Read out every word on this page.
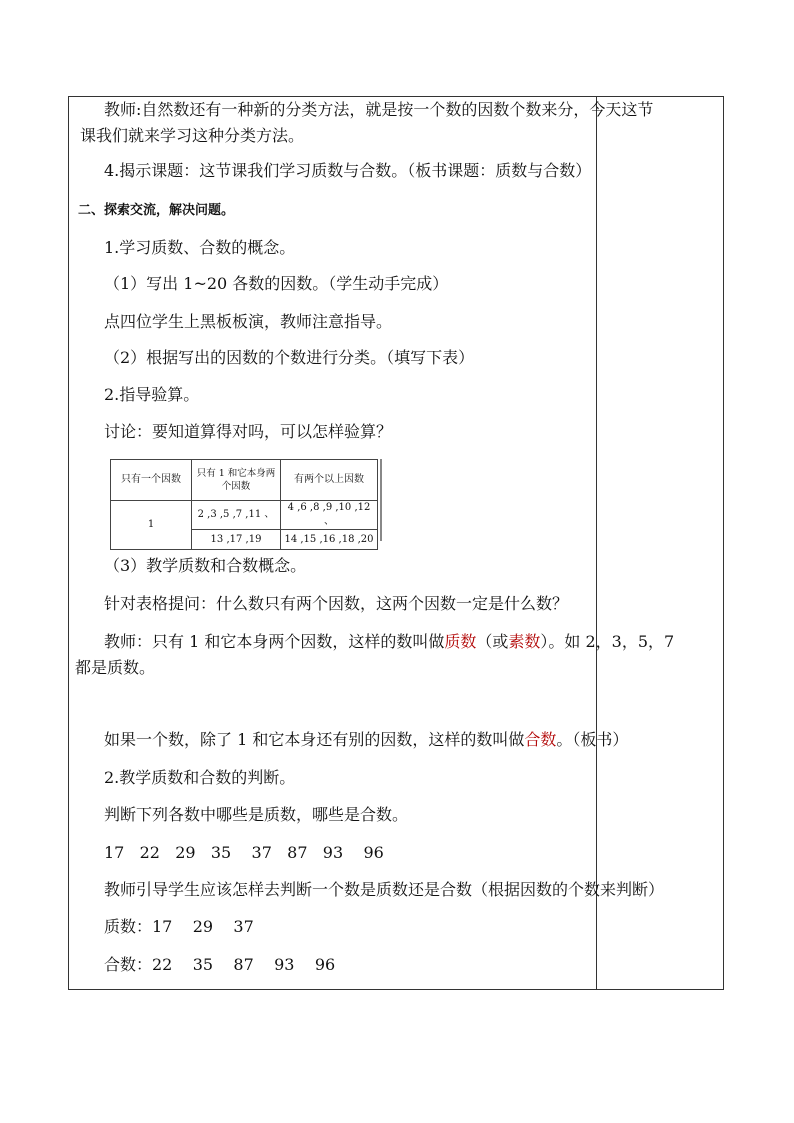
教师:自然数还有一种新的分类方法，就是按一个数的因数个数来分，今天这节
课我们就来学习这种分类方法。
4.揭示课题：这节课我们学习质数与合数。（板书课题：质数与合数）
二、探索交流，解决问题。
1.学习质数、合数的概念。
（1）写出 1~20 各数的因数。（学生动手完成）
点四位学生上黑板板演，教师注意指导。
（2）根据写出的因数的个数进行分类。（填写下表）
2.指导验算。
讨论：要知道算得对吗，可以怎样验算？
只有一个因数	只有 1 和它本身两个因数	有两个以上因数
1	2 ,3 ,5 ,7 ,11 、	4 ,6 ,8 ,9 ,10 ,12 、
	13 ,17 ,19	14 ,15 ,16 ,18 ,20
（3）教学质数和合数概念。
针对表格提问：什么数只有两个因数，这两个因数一定是什么数？
教师：只有 1 和它本身两个因数，这样的数叫做质数（或素数）。如 2，3，5，7
都是质数。
如果一个数，除了 1 和它本身还有别的因数，这样的数叫做合数。（板书）
2.教学质数和合数的判断。
判断下列各数中哪些是质数，哪些是合数。
17   22   29   35    37   87   93    96
教师引导学生应该怎样去判断一个数是质数还是合数（根据因数的个数来判断）
质数：17    29    37
合数：22    35    87    93    96
